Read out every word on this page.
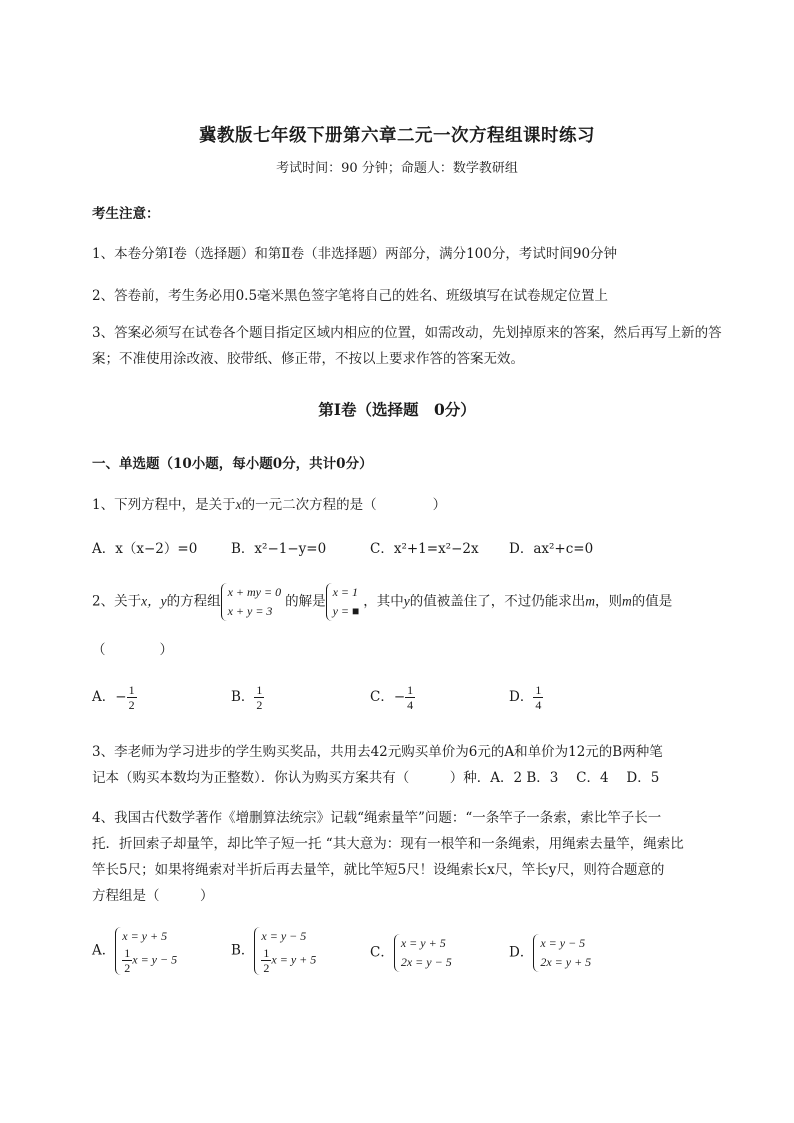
冀教版七年级下册第六章二元一次方程组课时练习
考试时间：90 分钟；命题人：数学教研组
考生注意：
1、本卷分第Ⅰ卷（选择题）和第Ⅱ卷（非选择题）两部分，满分100分，考试时间90分钟
2、答卷前，考生务必用0.5毫米黑色签字笔将自己的姓名、班级填写在试卷规定位置上
3、答案必须写在试卷各个题目指定区域内相应的位置，如需改动，先划掉原来的答案，然后再写上新的答案；不准使用涂改液、胶带纸、修正带，不按以上要求作答的答案无效。
第Ⅰ卷（选择题　0分）
一、单选题（10小题，每小题0分，共计0分）
1、下列方程中，是关于x的一元二次方程的是（	）
A．x（x−2）=0 B．x²−1−y=0	C．x²+1=x²−2x D．ax²+c=0
2、关于x，y的方程组
x + my = 0
x + y = 3
的解是
x = 1
y = ■
，其中y的值被盖住了，不过仍能求出m，则m的值是
（　　　　）
A．− $\frac{1}{2}$	B． $\frac{1}{2}$	C．− $\frac{1}{4}$	D． $\frac{1}{4}$
3、李老师为学习进步的学生购买奖品，共用去42元购买单价为6元的A和单价为12元的B两种笔
记本（购买本数均为正整数）．你认为购买方案共有（　　　）种．A．2 B．3　 C．4　 D．5
4、我国古代数学著作《增删算法统宗》记载“绳索量竿”问题：“一条竿子一条索，索比竿子长一
托．折回索子却量竿，却比竿子短一托 “其大意为：现有一根竿和一条绳索，用绳索去量竿，绳索比
竿长5尺；如果将绳索对半折后再去量竿，就比竿短5尺！设绳索长x尺，竿长y尺，则符合题意的
方程组是（　　　）
A．
x = y + 5
$\frac{1}{2}$ x = y − 5
B．
x = y − 5
$\frac{1}{2}$ x = y + 5	C．
x = y + 5
2x = y − 5
D．
x = y − 5
2x = y + 5
